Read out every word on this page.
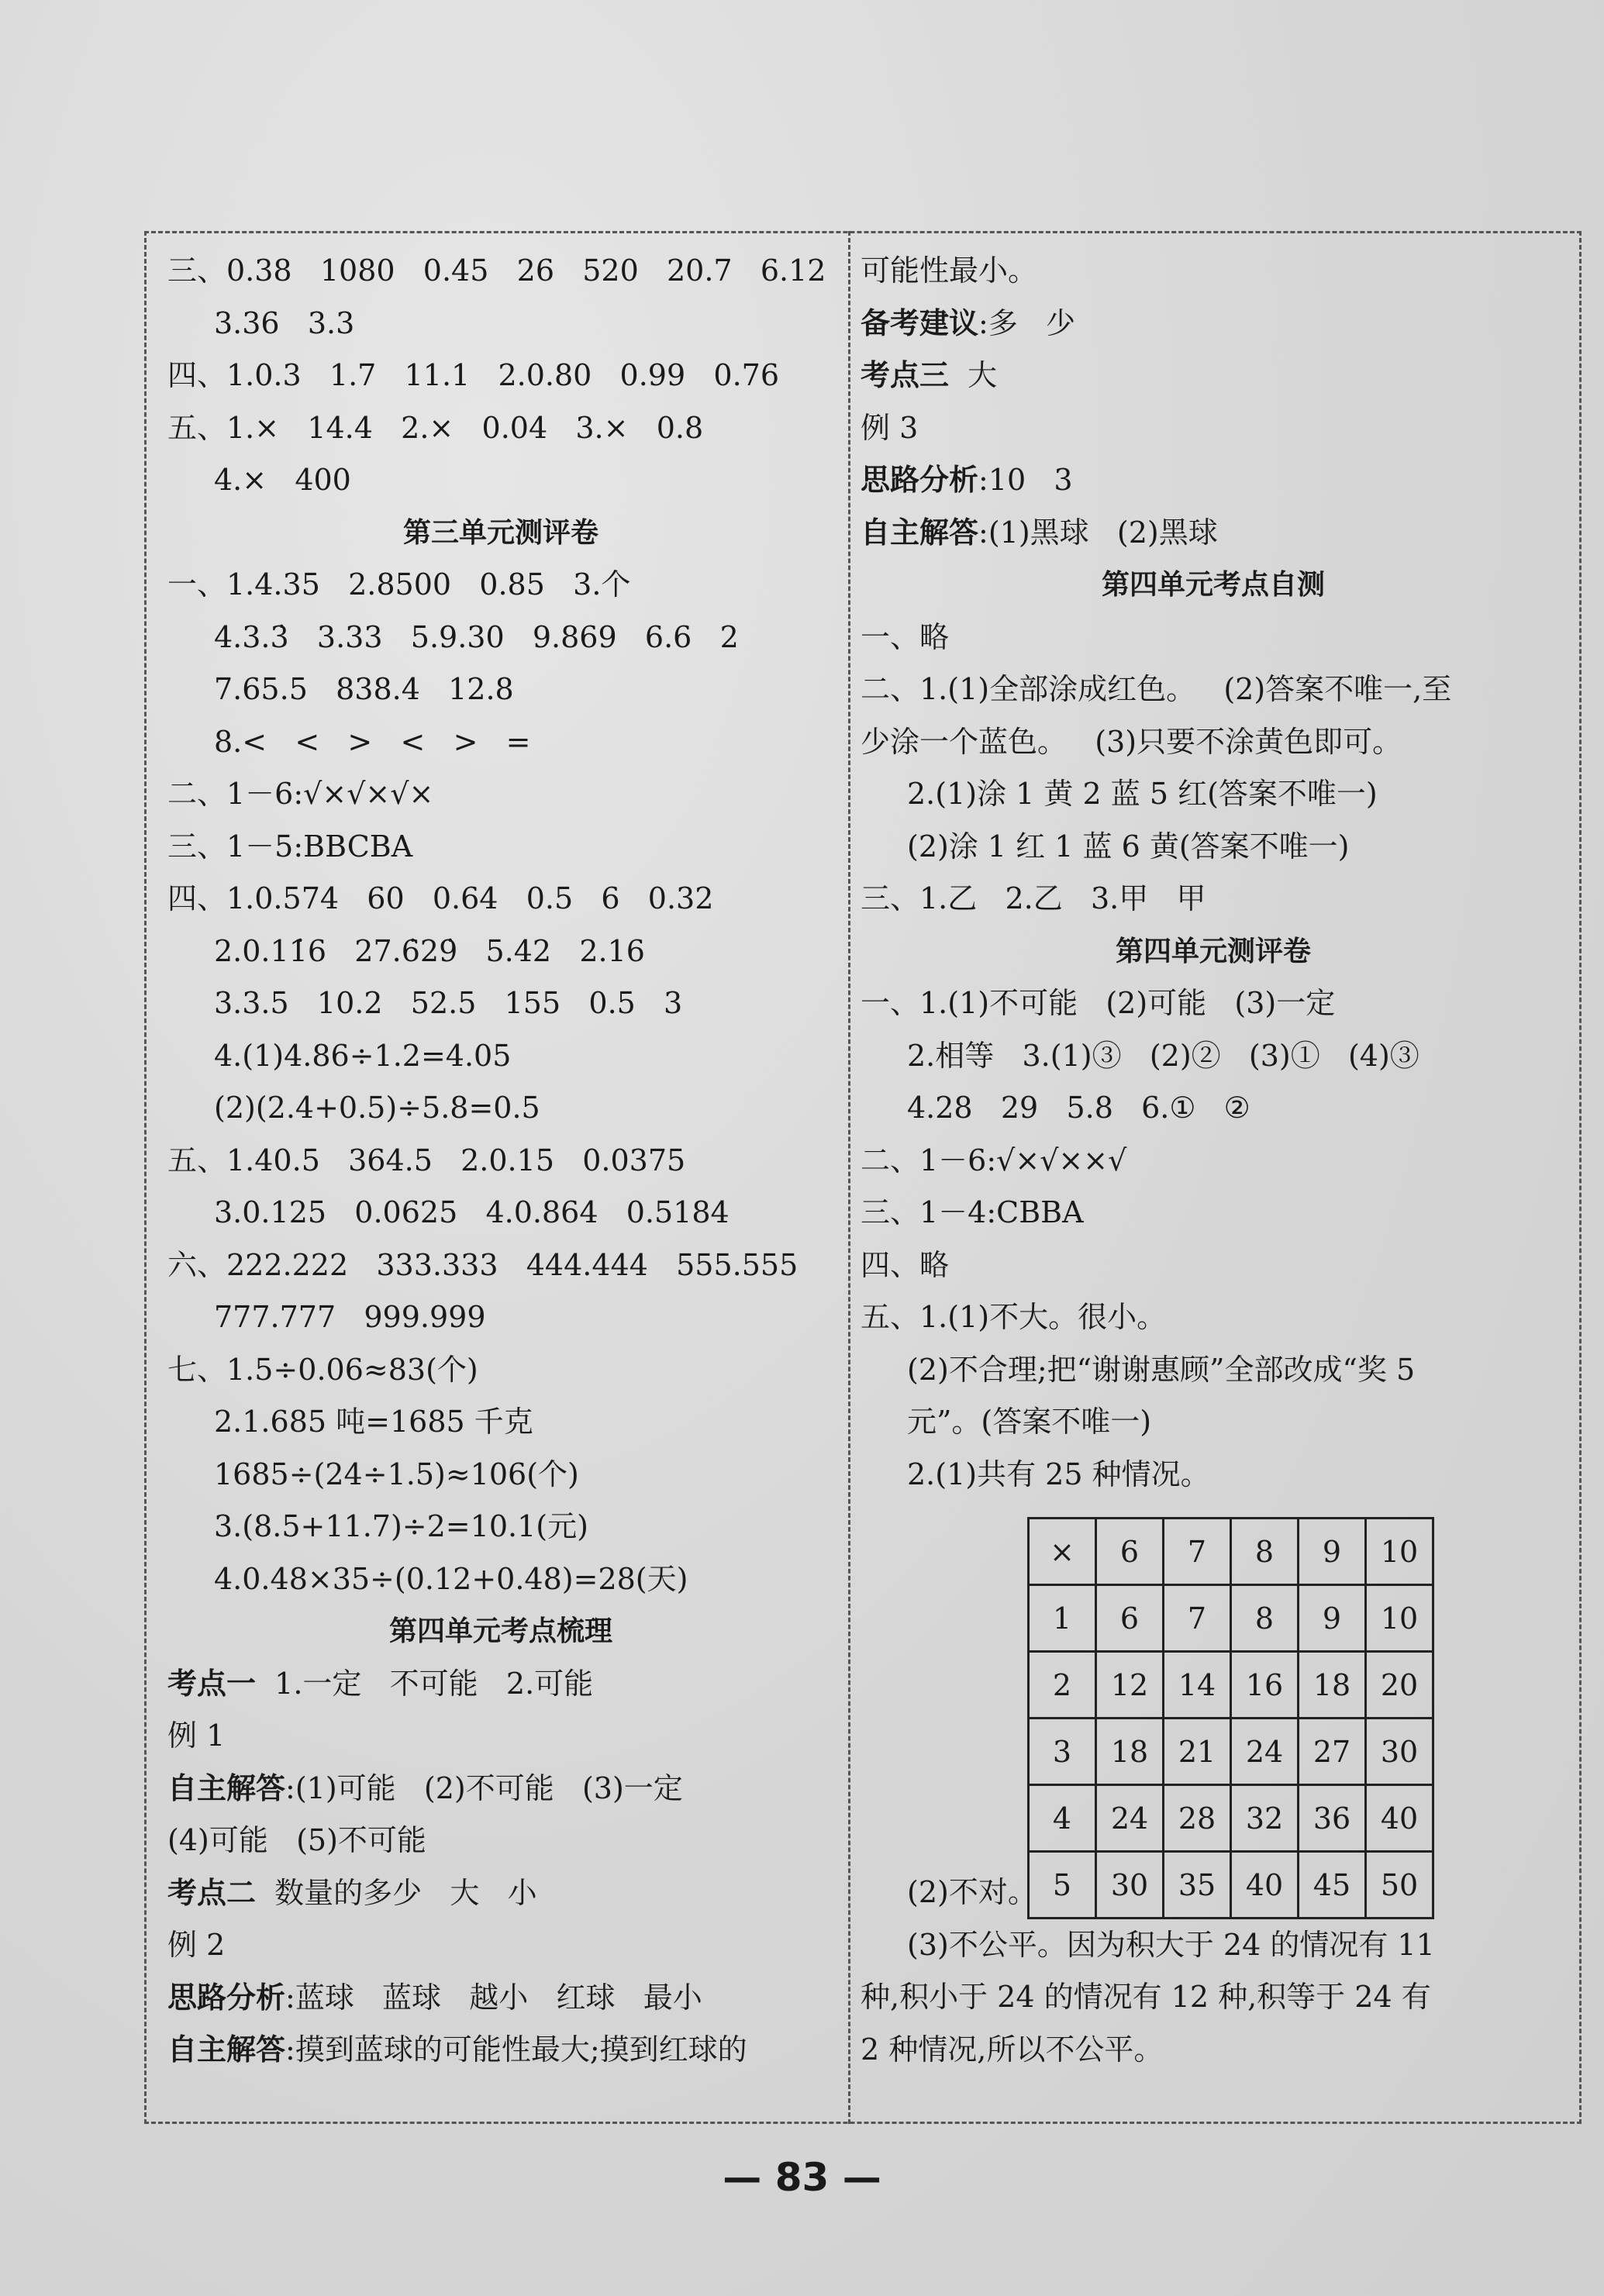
三、0.38   1080   0.45   26   520   20.7   6.12
3.36   3.3
四、1.0.3   1.7   11.1   2.0.80   0.99   0.76
五、1.×   14.4   2.×   0.04   3.×   0.8
4.×   400
第三单元测评卷
一、1.4.35   2.8500   0.85   3.个
4.3.3̇   3.33   5.9.30   9.869   6.6   2
7.65.5   838.4   12.8
8.<   <   >   <   >   =
二、1－6:√×√×√×
三、1－5:BBCBA
四、1.0.574   60   0.64   0.5   6   0.32
2.0.11̇6   27.6̇29̇   5.42   2.16
3.3.5   10.2   52.5   155   0.5   3
4.(1)4.86÷1.2=4.05
(2)(2.4+0.5)÷5.8=0.5
五、1.40.5   364.5   2.0.15   0.0375
3.0.125   0.0625   4.0.864   0.5184
六、222.222   333.333   444.444   555.555
777.777   999.999
七、1.5÷0.06≈83(个)
2.1.685 吨=1685 千克
1685÷(24÷1.5)≈106(个)
3.(8.5+11.7)÷2=10.1(元)
4.0.48×35÷(0.12+0.48)=28(天)
第四单元考点梳理
考点一  1.一定   不可能   2.可能
例 1
自主解答:(1)可能   (2)不可能   (3)一定
(4)可能   (5)不可能
考点二  数量的多少   大   小
例 2
思路分析:蓝球   蓝球   越小   红球   最小
自主解答:摸到蓝球的可能性最大;摸到红球的
可能性最小。
备考建议:多   少
考点三  大
例 3
思路分析:10   3
自主解答:(1)黑球   (2)黑球
第四单元考点自测
一、略
二、1.(1)全部涂成红色。   (2)答案不唯一,至
少涂一个蓝色。   (3)只要不涂黄色即可。
2.(1)涂 1 黄 2 蓝 5 红(答案不唯一)
(2)涂 1 红 1 蓝 6 黄(答案不唯一)
三、1.乙   2.乙   3.甲   甲
第四单元测评卷
一、1.(1)不可能   (2)可能   (3)一定
2.相等   3.(1)③   (2)②   (3)①   (4)③
4.28   29   5.8   6.①   ②
二、1－6:√×√××√
三、1－4:CBBA
四、略
五、1.(1)不大。很小。
(2)不合理;把“谢谢惠顾”全部改成“奖 5
元”。(答案不唯一)
2.(1)共有 25 种情况。
(2)不对。
(3)不公平。因为积大于 24 的情况有 11
种,积小于 24 的情况有 12 种,积等于 24 有
2 种情况,所以不公平。
×	6	7	8	9	10
1	6	7	8	9	10
2	12	14	16	18	20
3	18	21	24	27	30
4	24	28	32	36	40
5	30	35	40	45	50
— 83 —
